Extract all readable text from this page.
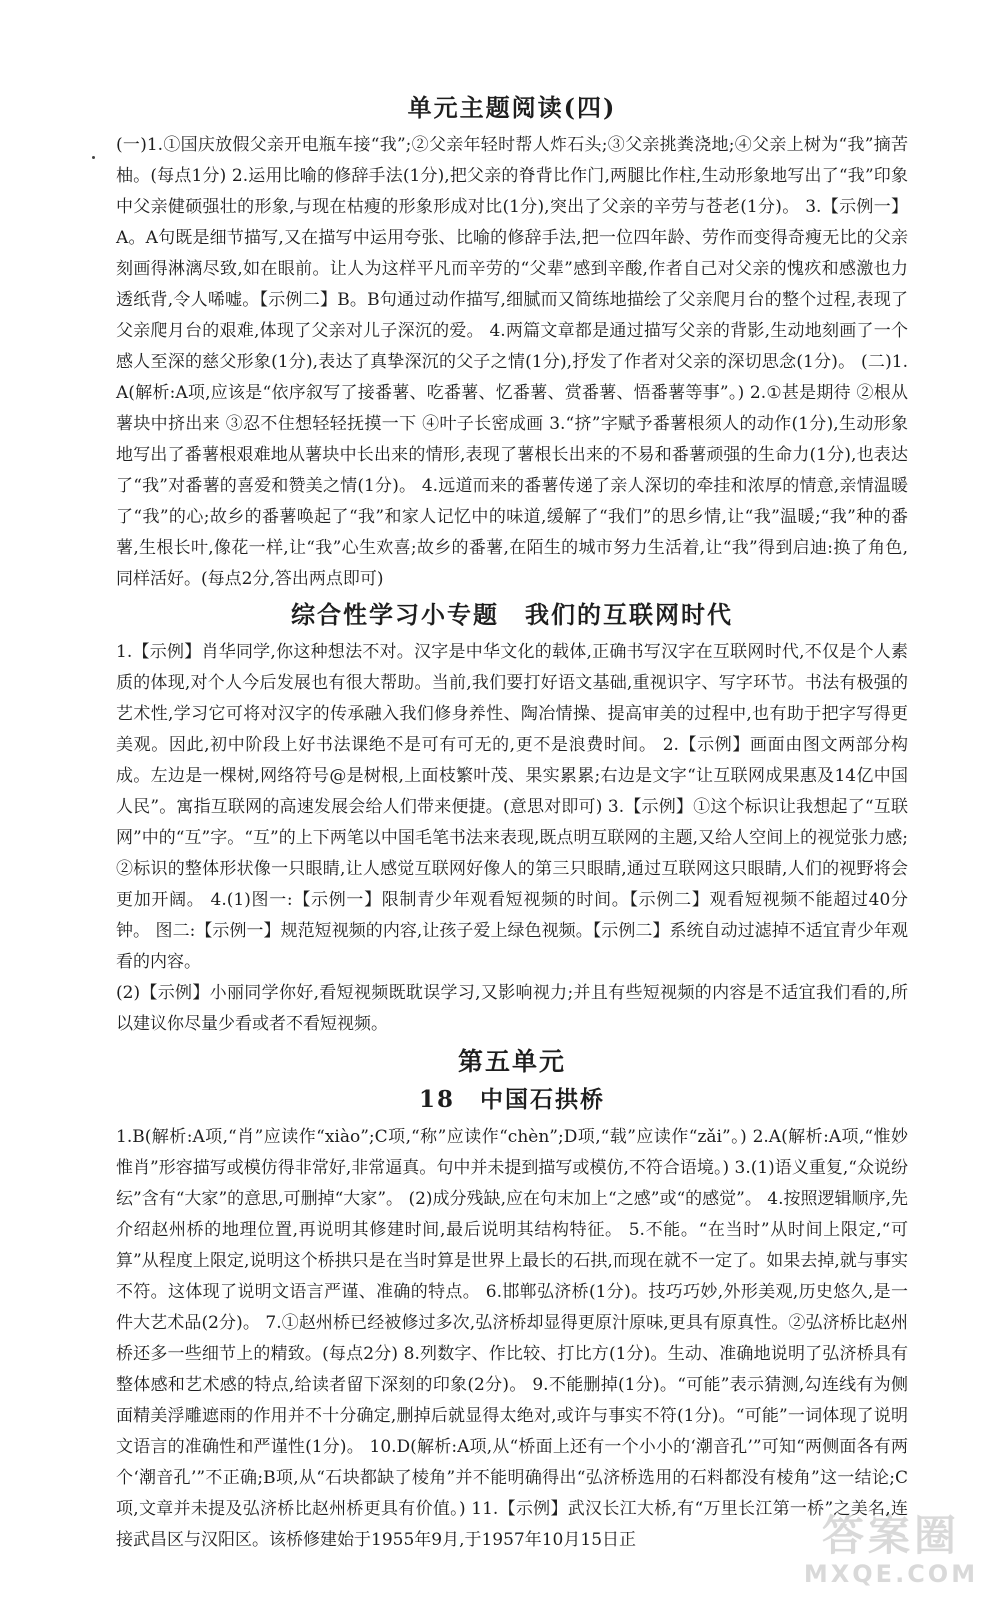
单元主题阅读(四)

(一)1.①国庆放假父亲开电瓶车接“我”;②父亲年轻时帮人炸石头;③父亲挑粪浇地;④父亲上树为“我”摘苦柚。(每点1分) 2.运用比喻的修辞手法(1分),把父亲的脊背比作门,两腿比作柱,生动形象地写出了“我”印象中父亲健硕强壮的形象,与现在枯瘦的形象形成对比(1分),突出了父亲的辛劳与苍老(1分)。 3.【示例一】A。A句既是细节描写,又在描写中运用夸张、比喻的修辞手法,把一位四年龄、劳作而变得奇瘦无比的父亲刻画得淋漓尽致,如在眼前。让人为这样平凡而辛劳的“父辈”感到辛酸,作者自己对父亲的愧疚和感激也力透纸背,令人唏嘘。【示例二】B。B句通过动作描写,细腻而又简练地描绘了父亲爬月台的整个过程,表现了父亲爬月台的艰难,体现了父亲对儿子深沉的爱。 4.两篇文章都是通过描写父亲的背影,生动地刻画了一个感人至深的慈父形象(1分),表达了真挚深沉的父子之情(1分),抒发了作者对父亲的深切思念(1分)。 (二)1.A(解析:A项,应该是“依序叙写了接番薯、吃番薯、忆番薯、赏番薯、悟番薯等事”。) 2.①甚是期待 ②根从薯块中挤出来 ③忍不住想轻轻抚摸一下 ④叶子长密成画 3.“挤”字赋予番薯根须人的动作(1分),生动形象地写出了番薯根艰难地从薯块中长出来的情形,表现了薯根长出来的不易和番薯顽强的生命力(1分),也表达了“我”对番薯的喜爱和赞美之情(1分)。 4.远道而来的番薯传递了亲人深切的牵挂和浓厚的情意,亲情温暖了“我”的心;故乡的番薯唤起了“我”和家人记忆中的味道,缓解了“我们”的思乡情,让“我”温暖;“我”种的番薯,生根长叶,像花一样,让“我”心生欢喜;故乡的番薯,在陌生的城市努力生活着,让“我”得到启迪:换了角色,同样活好。(每点2分,答出两点即可)

综合性学习小专题　我们的互联网时代

1.【示例】肖华同学,你这种想法不对。汉字是中华文化的载体,正确书写汉字在互联网时代,不仅是个人素质的体现,对个人今后发展也有很大帮助。当前,我们要打好语文基础,重视识字、写字环节。书法有极强的艺术性,学习它可将对汉字的传承融入我们修身养性、陶冶情操、提高审美的过程中,也有助于把字写得更美观。因此,初中阶段上好书法课绝不是可有可无的,更不是浪费时间。 2.【示例】画面由图文两部分构成。左边是一棵树,网络符号@是树根,上面枝繁叶茂、果实累累;右边是文字“让互联网成果惠及14亿中国人民”。寓指互联网的高速发展会给人们带来便捷。(意思对即可) 3.【示例】①这个标识让我想起了“互联网”中的“互”字。“互”的上下两笔以中国毛笔书法来表现,既点明互联网的主题,又给人空间上的视觉张力感;②标识的整体形状像一只眼睛,让人感觉互联网好像人的第三只眼睛,通过互联网这只眼睛,人们的视野将会更加开阔。 4.(1)图一:【示例一】限制青少年观看短视频的时间。【示例二】观看短视频不能超过40分钟。 图二:【示例一】规范短视频的内容,让孩子爱上绿色视频。【示例二】系统自动过滤掉不适宜青少年观看的内容。

(2)【示例】小丽同学你好,看短视频既耽误学习,又影响视力;并且有些短视频的内容是不适宜我们看的,所以建议你尽量少看或者不看短视频。

第五单元
18　中国石拱桥

1.B(解析:A项,“肖”应读作“xiào”;C项,“称”应读作“chèn”;D项,“载”应读作“zǎi”。) 2.A(解析:A项,“惟妙惟肖”形容描写或模仿得非常好,非常逼真。句中并未提到描写或模仿,不符合语境。) 3.(1)语义重复,“众说纷纭”含有“大家”的意思,可删掉“大家”。 (2)成分残缺,应在句末加上“之感”或“的感觉”。 4.按照逻辑顺序,先介绍赵州桥的地理位置,再说明其修建时间,最后说明其结构特征。 5.不能。“在当时”从时间上限定,“可算”从程度上限定,说明这个桥拱只是在当时算是世界上最长的石拱,而现在就不一定了。如果去掉,就与事实不符。这体现了说明文语言严谨、准确的特点。 6.邯郸弘济桥(1分)。技巧巧妙,外形美观,历史悠久,是一件大艺术品(2分)。 7.①赵州桥已经被修过多次,弘济桥却显得更原汁原味,更具有原真性。②弘济桥比赵州桥还多一些细节上的精致。(每点2分) 8.列数字、作比较、打比方(1分)。生动、准确地说明了弘济桥具有整体感和艺术感的特点,给读者留下深刻的印象(2分)。 9.不能删掉(1分)。“可能”表示猜测,勾连线有为侧面精美浮雕遮雨的作用并不十分确定,删掉后就显得太绝对,或许与事实不符(1分)。“可能”一词体现了说明文语言的准确性和严谨性(1分)。 10.D(解析:A项,从“桥面上还有一个小小的‘潮音孔’”可知“两侧面各有两个‘潮音孔’”不正确;B项,从“石块都缺了棱角”并不能明确得出“弘济桥选用的石料都没有棱角”这一结论;C项,文章并未提及弘济桥比赵州桥更具有价值。) 11.【示例】武汉长江大桥,有“万里长江第一桥”之美名,连接武昌区与汉阳区。该桥修建始于1955年9月,于1957年10月15日正	答案圈
MXQE.COM
